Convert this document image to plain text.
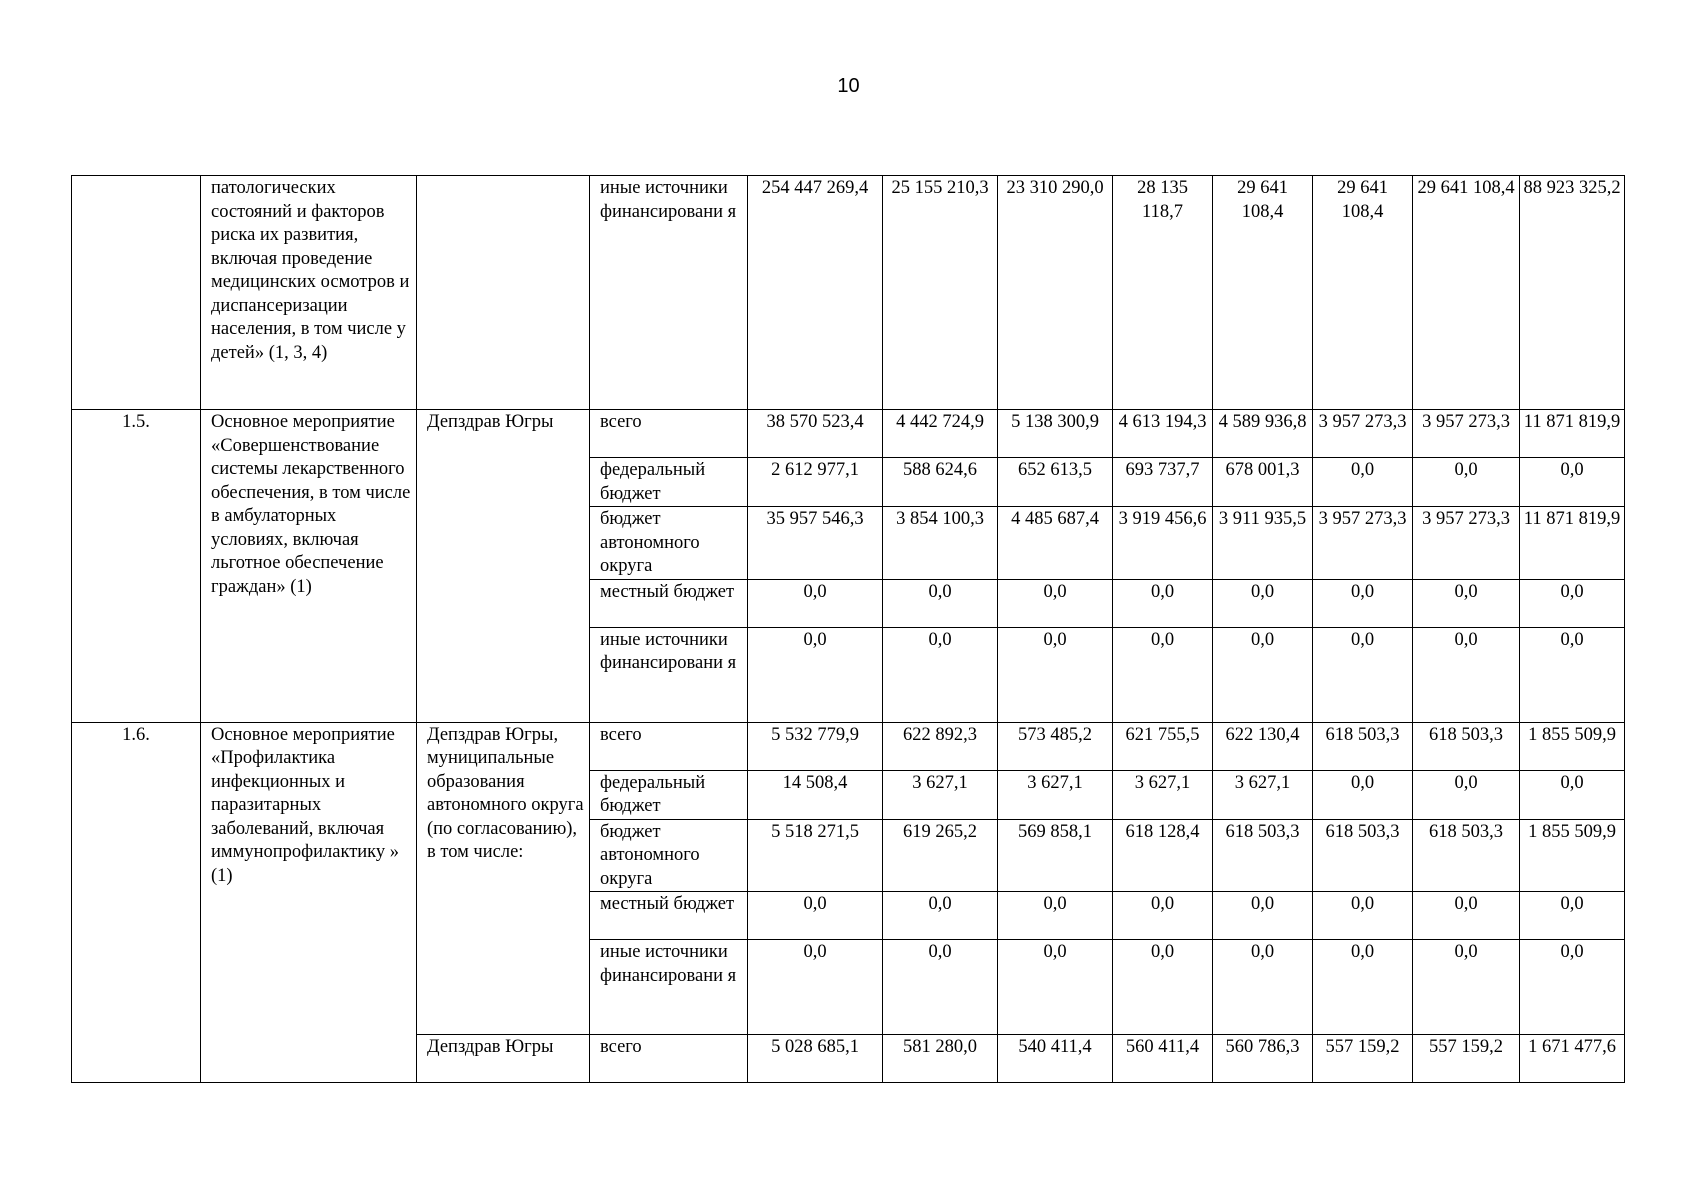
10
	патологических состояний и факторов риска их развития, включая проведение медицинских осмотров и диспансеризации населения, в том числе у детей» (1, 3, 4)		иные источники финансировани я	254 447 269,4	25 155 210,3	23 310 290,0	28 135 118,7	29 641 108,4	29 641 108,4	29 641 108,4	88 923 325,2
1.5.	Основное мероприятие «Совершенствование системы лекарственного обеспечения, в том числе в амбулаторных условиях, включая льготное обеспечение граждан» (1)	Депздрав Югры	всего	38 570 523,4	4 442 724,9	5 138 300,9	4 613 194,3	4 589 936,8	3 957 273,3	3 957 273,3	11 871 819,9
			федеральный бюджет	2 612 977,1	588 624,6	652 613,5	693 737,7	678 001,3	0,0	0,0	0,0
			бюджет автономного округа	35 957 546,3	3 854 100,3	4 485 687,4	3 919 456,6	3 911 935,5	3 957 273,3	3 957 273,3	11 871 819,9
			местный бюджет	0,0	0,0	0,0	0,0	0,0	0,0	0,0	0,0
			иные источники финансировани я	0,0	0,0	0,0	0,0	0,0	0,0	0,0	0,0
1.6.	Основное мероприятие «Профилактика инфекционных и паразитарных заболеваний, включая иммунопрофилактику » (1)	Депздрав Югры, муниципальные образования автономного округа (по согласованию), в том числе:	всего	5 532 779,9	622 892,3	573 485,2	621 755,5	622 130,4	618 503,3	618 503,3	1 855 509,9
			федеральный бюджет	14 508,4	3 627,1	3 627,1	3 627,1	3 627,1	0,0	0,0	0,0
			бюджет автономного округа	5 518 271,5	619 265,2	569 858,1	618 128,4	618 503,3	618 503,3	618 503,3	1 855 509,9
			местный бюджет	0,0	0,0	0,0	0,0	0,0	0,0	0,0	0,0
			иные источники финансировани я	0,0	0,0	0,0	0,0	0,0	0,0	0,0	0,0
		Депздрав Югры	всего	5 028 685,1	581 280,0	540 411,4	560 411,4	560 786,3	557 159,2	557 159,2	1 671 477,6
